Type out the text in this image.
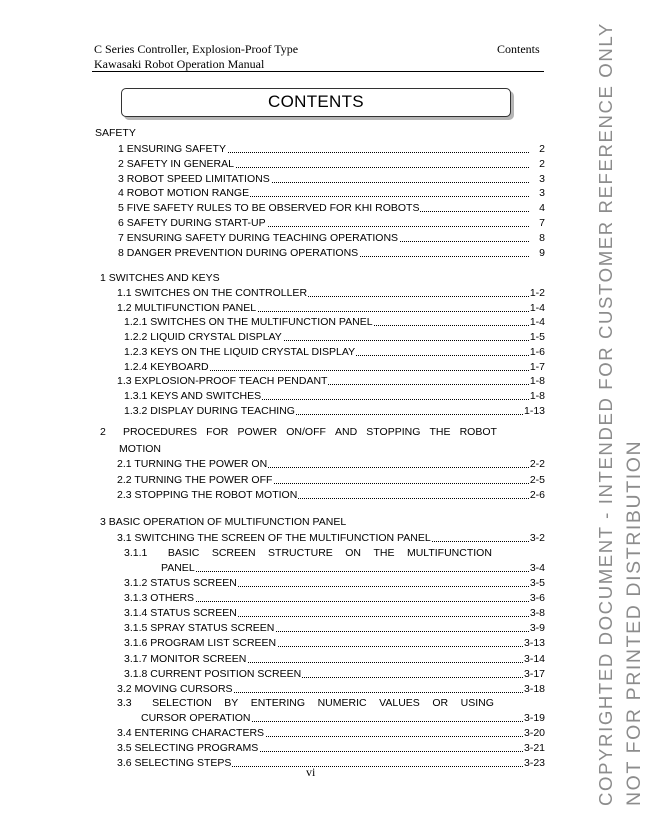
C Series Controller, Explosion-Proof Type
Kawasaki Robot Operation Manual
Contents
CONTENTS
SAFETY
1 ENSURING SAFETY	2
2 SAFETY IN GENERAL	2
3 ROBOT SPEED LIMITATIONS	3
4 ROBOT MOTION RANGE	3
5 FIVE SAFETY RULES TO BE OBSERVED FOR KHI ROBOTS	4
6 SAFETY DURING START-UP	7
7 ENSURING SAFETY DURING TEACHING OPERATIONS	8
8 DANGER PREVENTION DURING OPERATIONS	9
1 SWITCHES AND KEYS
1.1 SWITCHES ON THE CONTROLLER	1-2
1.2 MULTIFUNCTION PANEL	1-4
1.2.1 SWITCHES ON THE MULTIFUNCTION PANEL	1-4
1.2.2 LIQUID CRYSTAL DISPLAY	1-5
1.2.3 KEYS ON THE LIQUID CRYSTAL DISPLAY	1-6
1.2.4 KEYBOARD	1-7
1.3 EXPLOSION-PROOF TEACH PENDANT	1-8
1.3.1 KEYS AND SWITCHES	1-8
1.3.2 DISPLAY DURING TEACHING	1-13
2 PROCEDURES FOR POWER ON/OFF AND STOPPING THE ROBOT
MOTION
2.1 TURNING THE POWER ON	2-2
2.2 TURNING THE POWER OFF	2-5
2.3 STOPPING THE ROBOT MOTION	2-6
3 BASIC OPERATION OF MULTIFUNCTION PANEL
3.1 SWITCHING THE SCREEN OF THE MULTIFUNCTION PANEL	3-2
3.1.1 BASIC SCREEN STRUCTURE ON THE MULTIFUNCTION
PANEL	3-4
3.1.2 STATUS SCREEN	3-5
3.1.3 OTHERS	3-6
3.1.4 STATUS SCREEN	3-8
3.1.5 SPRAY STATUS SCREEN	3-9
3.1.6 PROGRAM LIST SCREEN	3-13
3.1.7 MONITOR SCREEN	3-14
3.1.8 CURRENT POSITION SCREEN	3-17
3.2 MOVING CURSORS	3-18
3.3 SELECTION BY ENTERING NUMERIC VALUES OR USING
CURSOR OPERATION	3-19
3.4 ENTERING CHARACTERS	3-20
3.5 SELECTING PROGRAMS	3-21
3.6 SELECTING STEPS	3-23
vi	COPYRIGHTED DOCUMENT - INTENDED FOR CUSTOMER REFERENCE ONLY NOT FOR PRINTED DISTRIBUTION
